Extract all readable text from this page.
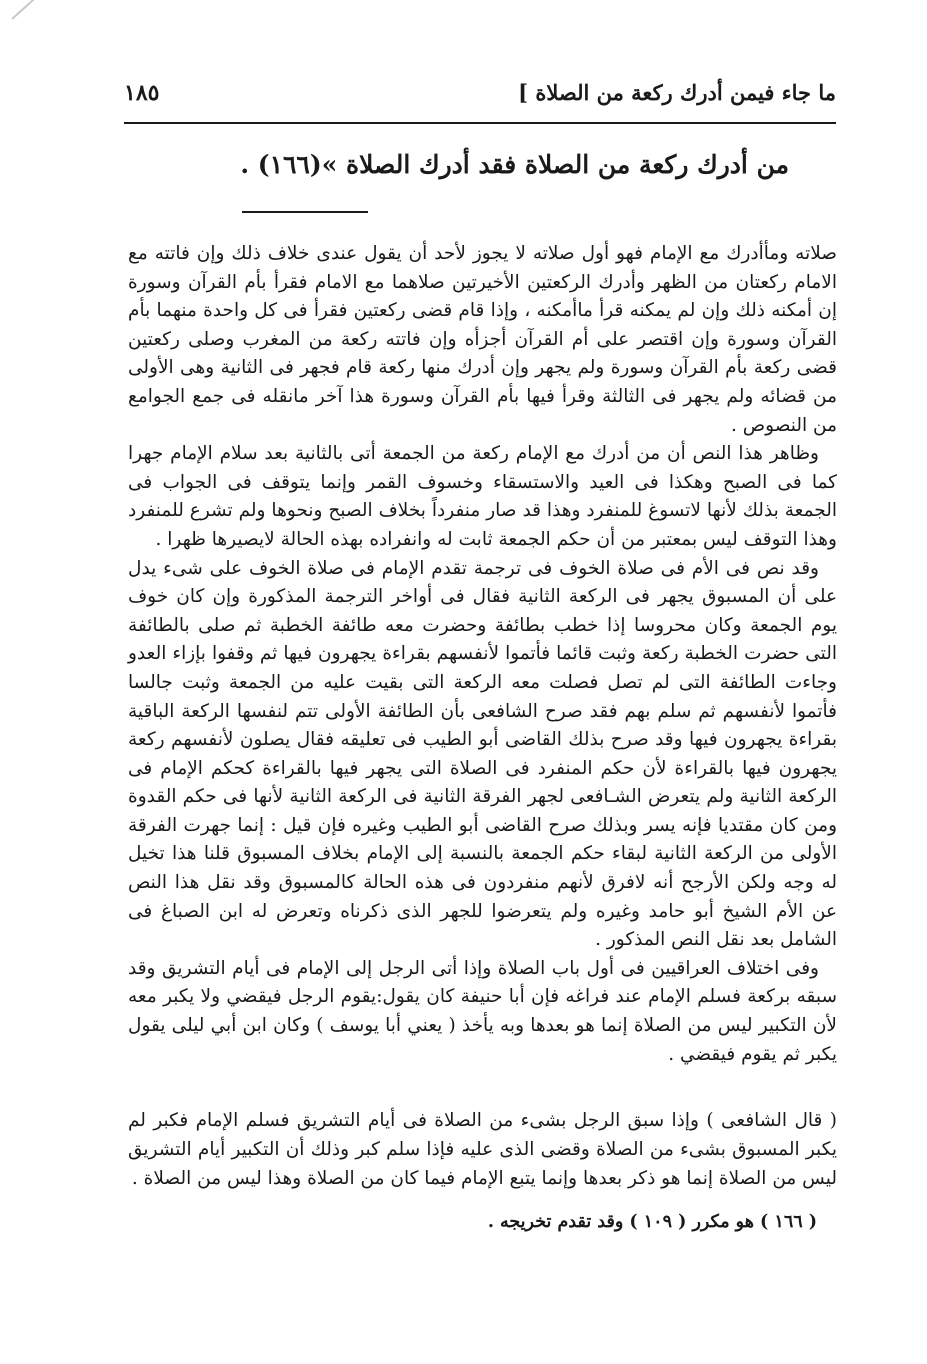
ما جاء فيمن أدرك ركعة من الصلاة ]
١٨٥
من أدرك ركعة من الصلاة فقد أدرك الصلاة »(١٦٦) .

صلاته ومأأدرك مع الإمام فهو أول صلاته لا يجوز لأحد أن يقول عندى خلاف ذلك وإن فاتته مع الامام ركعتان من الظهر وأدرك الركعتين الأخيرتين صلاهما مع الامام فقرأ بأم القرآن وسورة إن أمكنه ذلك وإن لم يمكنه قرأ ماأمكنه ، وإذا قام قضى ركعتين فقرأ فى كل واحدة منهما بأم القرآن وسورة وإن اقتصر على أم القرآن أجزأه وإن فاتته ركعة من المغرب وصلى ركعتين قضى ركعة بأم القرآن وسورة ولم يجهر وإن أدرك منها ركعة قام فجهر فى الثانية وهى الأولى من قضائه ولم يجهر فى الثالثة وقرأ فيها بأم القرآن وسورة هذا آخر مانقله فى جمع الجوامع من النصوص .

وظاهر هذا النص أن من أدرك مع الإمام ركعة من الجمعة أتى بالثانية بعد سلام الإمام جهرا كما فى الصبح وهكذا فى العيد والاستسقاء وخسوف القمر وإنما يتوقف فى الجواب فى الجمعة بذلك لأنها لاتسوغ للمنفرد وهذا قد صار منفرداً بخلاف الصبح ونحوها ولم تشرع للمنفرد وهذا التوقف ليس بمعتبر من أن حكم الجمعة ثابت له وانفراده بهذه الحالة لايصيرها ظهرا .

وقد نص فى الأم فى صلاة الخوف فى ترجمة تقدم الإمام فى صلاة الخوف على شىء يدل على أن المسبوق يجهر فى الركعة الثانية فقال فى أواخر الترجمة المذكورة وإن كان خوف يوم الجمعة وكان محروسا إذا خطب بطائفة وحضرت معه طائفة الخطبة ثم صلى بالطائفة التى حضرت الخطبة ركعة وثبت قائما فأتموا لأنفسهم بقراءة يجهرون فيها ثم وقفوا بإزاء العدو وجاءت الطائفة التى لم تصل فصلت معه الركعة التى بقيت عليه من الجمعة وثبت جالسا فأتموا لأنفسهم ثم سلم بهم فقد صرح الشافعى بأن الطائفة الأولى تتم لنفسها الركعة الباقية بقراءة يجهرون فيها وقد صرح بذلك القاضى أبو الطيب فى تعليقه فقال يصلون لأنفسهم ركعة يجهرون فيها بالقراءة لأن حكم المنفرد فى الصلاة التى يجهر فيها بالقراءة كحكم الإمام فى الركعة الثانية ولم يتعرض الشـافعى لجهر الفرقة الثانية فى الركعة الثانية لأنها فى حكم القدوة ومن كان مقتديا فإنه يسر وبذلك صرح القاضى أبو الطيب وغيره فإن قيل : إنما جهرت الفرقة الأولى من الركعة الثانية لبقاء حكم الجمعة بالنسبة إلى الإمام بخلاف المسبوق قلنا هذا تخيل له وجه ولكن الأرجح أنه لافرق لأنهم منفردون فى هذه الحالة كالمسبوق وقد نقل هذا النص عن الأم الشيخ أبو حامد وغيره ولم يتعرضوا للجهر الذى ذكرناه وتعرض له ابن الصباغ فى الشامل بعد نقل النص المذكور .

وفى اختلاف العراقيين فى أول باب الصلاة وإذا أتى الرجل إلى الإمام فى أيام التشريق وقد سبقه بركعة فسلم الإمام عند فراغه فإن أبا حنيفة كان يقول:يقوم الرجل فيقضي ولا يكبر معه لأن التكبير ليس من الصلاة إنما هو بعدها وبه يأخذ ( يعني أبا يوسف ) وكان ابن أبي ليلى يقول يكبر ثم يقوم فيقضي .

( قال الشافعى ) وإذا سبق الرجل بشىء من الصلاة فى أيام التشريق فسلم الإمام فكبر لم يكبر المسبوق بشىء من الصلاة وقضى الذى عليه فإذا سلم كبر وذلك أن التكبير أيام التشريق ليس من الصلاة إنما هو ذكر بعدها وإنما يتبع الإمام فيما كان من الصلاة وهذا ليس من الصلاة .

( ١٦٦ ) هو مكرر ( ١٠٩ ) وقد تقدم تخريجه .
